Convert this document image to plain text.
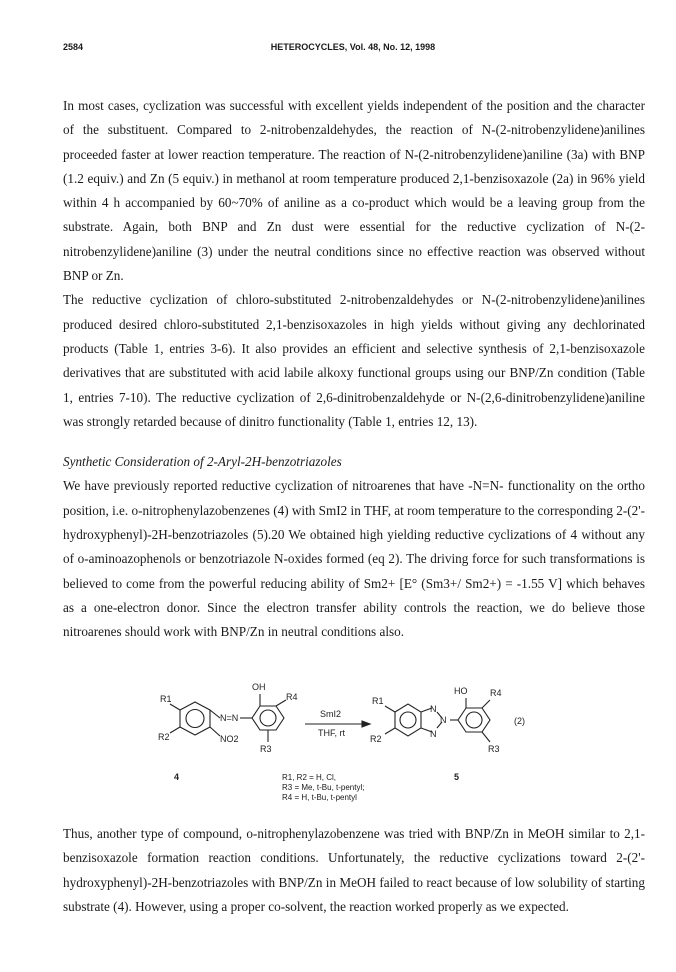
2584	HETEROCYCLES, Vol. 48, No. 12, 1998

In most cases, cyclization was successful with excellent yields independent of the position and the character of the substituent. Compared to 2-nitrobenzaldehydes, the reaction of N-(2-nitrobenzylidene)anilines proceeded faster at lower reaction temperature. The reaction of N-(2-nitrobenzylidene)aniline (3a) with BNP (1.2 equiv.) and Zn (5 equiv.) in methanol at room temperature produced 2,1-benzisoxazole (2a) in 96% yield within 4 h accompanied by 60~70% of aniline as a co-product which would be a leaving group from the substrate. Again, both BNP and Zn dust were essential for the reductive cyclization of N-(2-nitrobenzylidene)aniline (3) under the neutral conditions since no effective reaction was observed without BNP or Zn.

The reductive cyclization of chloro-substituted 2-nitrobenzaldehydes or N-(2-nitrobenzylidene)anilines produced desired chloro-substituted 2,1-benzisoxazoles in high yields without giving any dechlorinated products (Table 1, entries 3-6). It also provides an efficient and selective synthesis of 2,1-benzisoxazole derivatives that are substituted with acid labile alkoxy functional groups using our BNP/Zn condition (Table 1, entries 7-10). The reductive cyclization of 2,6-dinitrobenzaldehyde or N-(2,6-dinitrobenzylidene)aniline was strongly retarded because of dinitro functionality (Table 1, entries 12, 13).

Synthetic Consideration of 2-Aryl-2H-benzotriazoles

We have previously reported reductive cyclization of nitroarenes that have -N=N- functionality on the ortho position, i.e. o-nitrophenylazobenzenes (4) with SmI2 in THF, at room temperature to the corresponding 2-(2'-hydroxyphenyl)-2H-benzotriazoles (5).20 We obtained high yielding reductive cyclizations of 4 without any of o-aminoazophenols or benzotriazole N-oxides formed (eq 2). The driving force for such transformations is believed to come from the powerful reducing ability of Sm2+ [E° (Sm3+/ Sm2+) = -1.55 V] which behaves as a one-electron donor. Since the electron transfer ability controls the reaction, we do believe those nitroarenes should work with BNP/Zn in neutral conditions also.

R1
R2
N=N
NO2
OH
R4
R3
SmI2
THF, rt
R1
R2
N
N
N
HO	R4
R3
(2)
4	5
R1, R2 = H, Cl,
R3 = Me, t-Bu, t-pentyl;
R4 = H, t-Bu, t-pentyl

Thus, another type of compound, o-nitrophenylazobenzene was tried with BNP/Zn in MeOH similar to 2,1-benzisoxazole formation reaction conditions. Unfortunately, the reductive cyclizations toward 2-(2'-hydroxyphenyl)-2H-benzotriazoles with BNP/Zn in MeOH failed to react because of low solubility of starting substrate (4). However, using a proper co-solvent, the reaction worked properly as we expected.
